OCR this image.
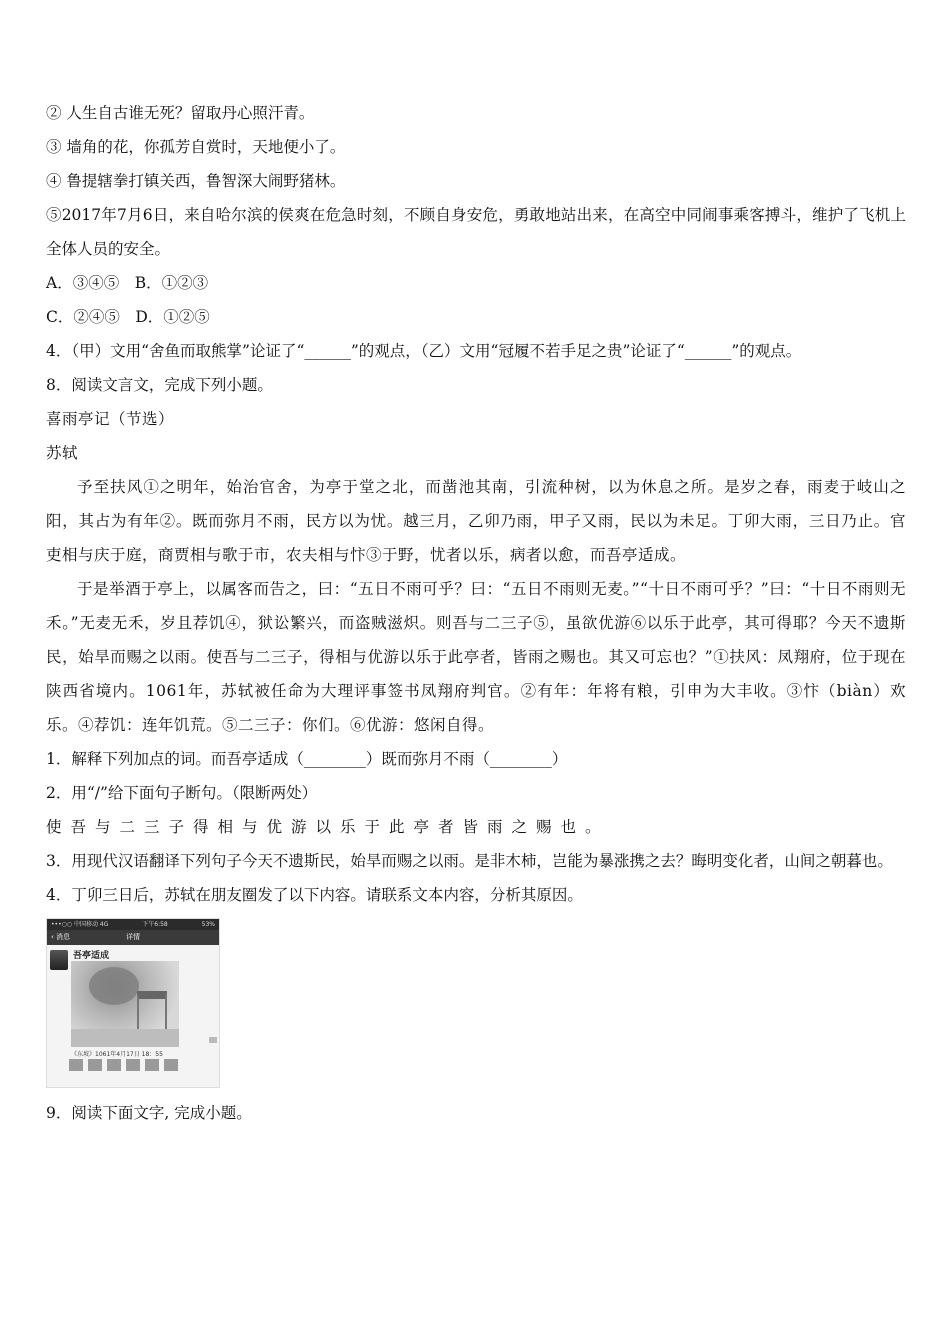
② 人生自古谁无死？留取丹心照汗青。
③ 墙角的花，你孤芳自赏时，天地便小了。
④ 鲁提辖拳打镇关西，鲁智深大闹野猪林。
⑤2017年7月6日，来自哈尔滨的侯爽在危急时刻，不顾自身安危，勇敢地站出来，在高空中同闹事乘客搏斗，维护了飞机上全体人员的安全。
A．③④⑤　B．①②③
C．②④⑤　D．①②⑤
4．（甲）文用“舍鱼而取熊掌”论证了“______”的观点，（乙）文用“冠履不若手足之贵”论证了“______”的观点。
8．阅读文言文，完成下列小题。
喜雨亭记（节选）
苏轼
予至扶风①之明年，始治官舍，为亭于堂之北，而凿池其南，引流种树，以为休息之所。是岁之春，雨麦于岐山之阳，其占为有年②。既而弥月不雨，民方以为忧。越三月，乙卯乃雨，甲子又雨，民以为未足。丁卯大雨，三日乃止。官吏相与庆于庭，商贾相与歌于市，农夫相与忭③于野，忧者以乐，病者以愈，而吾亭适成。
于是举酒于亭上，以属客而告之，曰：“五日不雨可乎？曰：“五日不雨则无麦。”“十日不雨可乎？”曰：“十日不雨则无禾。”无麦无禾，岁且荐饥④，狱讼繁兴，而盗贼滋炽。则吾与二三子⑤，虽欲优游⑥以乐于此亭，其可得耶？今天不遗斯民，始旱而赐之以雨。使吾与二三子，得相与优游以乐于此亭者，皆雨之赐也。其又可忘也？”①扶风：凤翔府，位于现在陕西省境内。1061年，苏轼被任命为大理评事签书凤翔府判官。②有年：年将有粮，引申为大丰收。③忭（biàn）欢乐。④荐饥：连年饥荒。⑤二三子：你们。⑥优游：悠闲自得。
1．解释下列加点的词。而吾亭适成（________）既而弥月不雨（________）
2．用“/”给下面句子断句。（限断两处）
使吾与二三子得相与优游以乐于此亭者皆雨之赐也。
3．用现代汉语翻译下列句子今天不遗斯民，始旱而赐之以雨。是非木柿，岂能为暴涨携之去？晦明变化者，山间之朝暮也。
4．丁卯三日后，苏轼在朋友圈发了以下内容。请联系文本内容，分析其原因。
•••○○ 中国移动 4G	下午6:58	53%
‹ 消息	详情
吾亭适成
《东坡》1061年4月17日 18：55
9．阅读下面文字, 完成小题。
